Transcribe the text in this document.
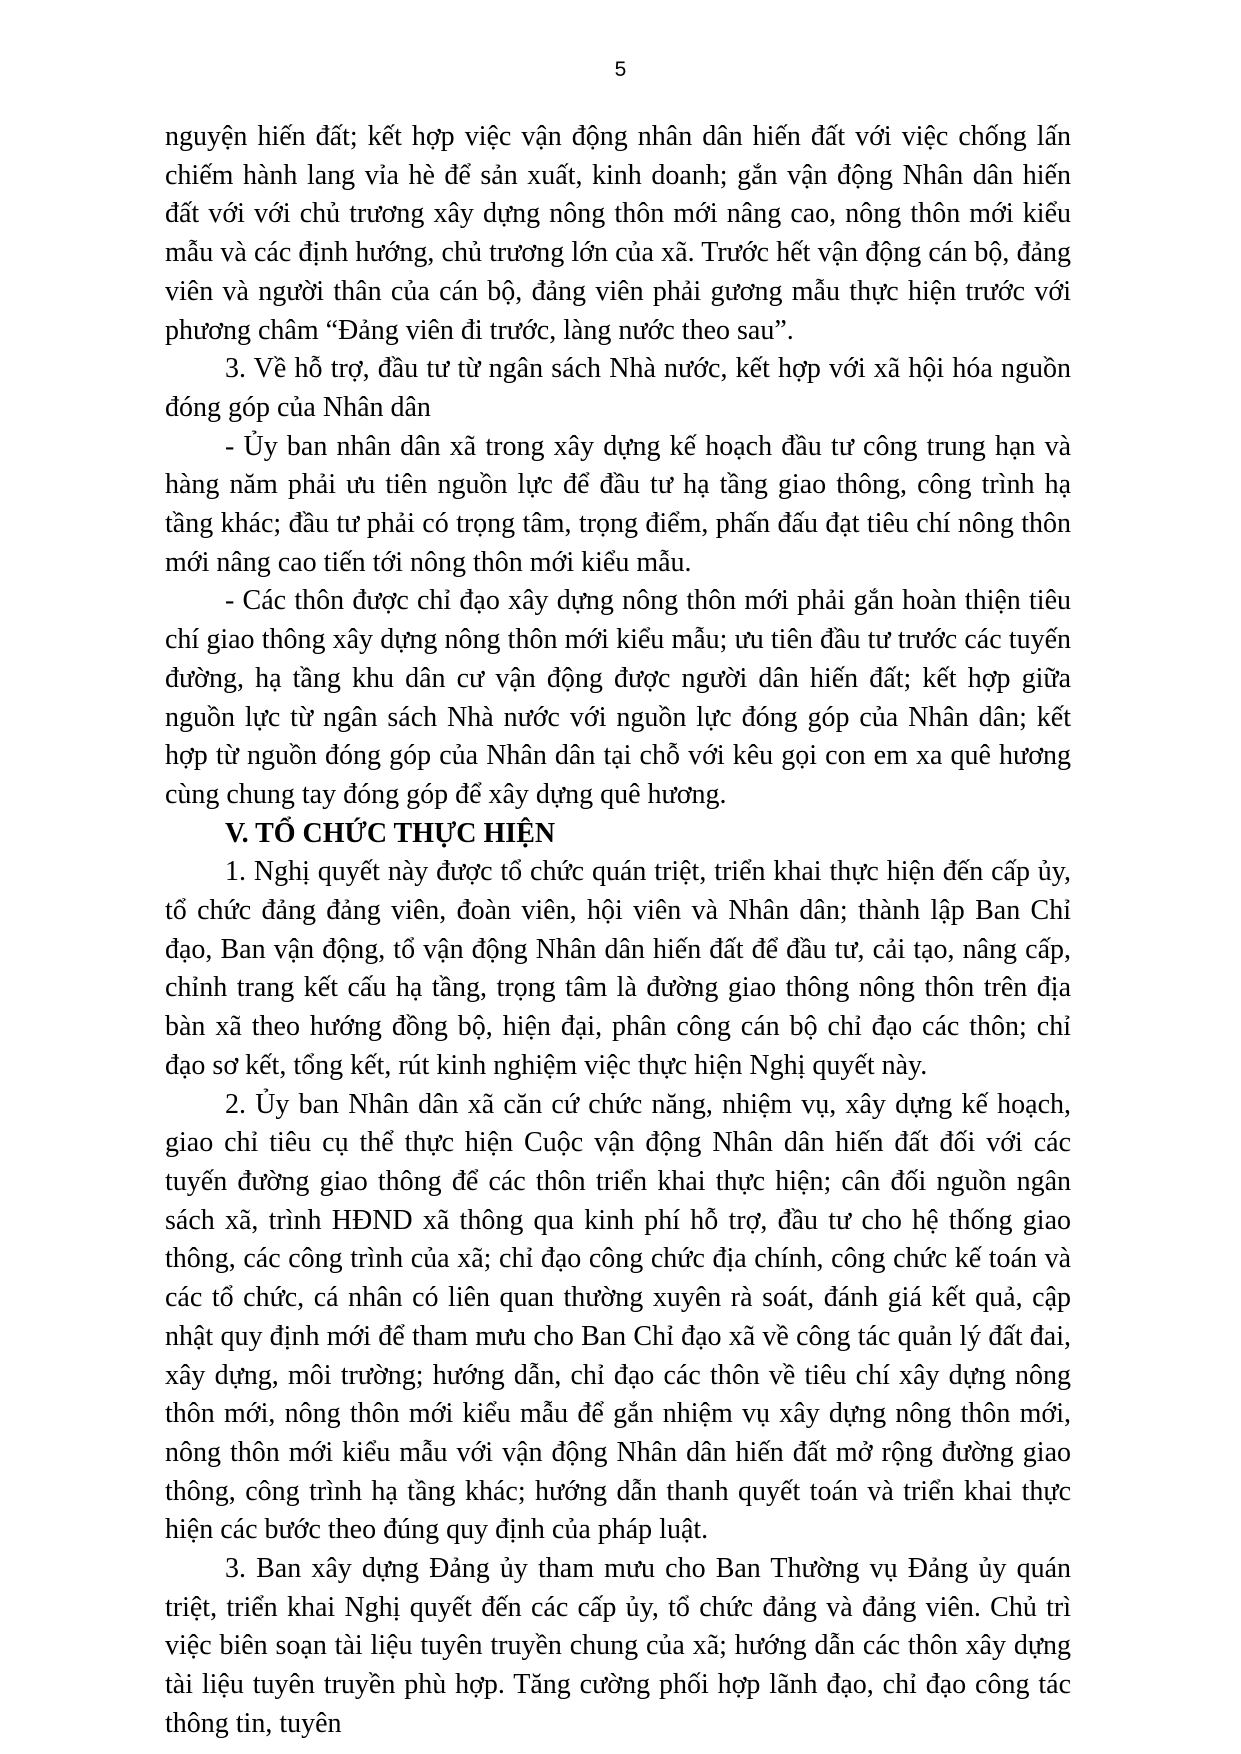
5

nguyện hiến đất; kết hợp việc vận động nhân dân hiến đất với việc chống lấn chiếm hành lang vỉa hè để sản xuất, kinh doanh; gắn vận động Nhân dân hiến đất với với chủ trương xây dựng nông thôn mới nâng cao, nông thôn mới kiểu mẫu và các định hướng, chủ trương lớn của xã. Trước hết vận động cán bộ, đảng viên và người thân của cán bộ, đảng viên phải gương mẫu thực hiện trước với phương châm “Đảng viên đi trước, làng nước theo sau”.

3. Về hỗ trợ, đầu tư từ ngân sách Nhà nước, kết hợp với xã hội hóa nguồn đóng góp của Nhân dân

- Ủy ban nhân dân xã trong xây dựng kế hoạch đầu tư công trung hạn và hàng năm phải ưu tiên nguồn lực để đầu tư hạ tầng giao thông, công trình hạ tầng khác; đầu tư phải có trọng tâm, trọng điểm, phấn đấu đạt tiêu chí nông thôn mới nâng cao tiến tới nông thôn mới kiểu mẫu.

- Các thôn được chỉ đạo xây dựng nông thôn mới phải gắn hoàn thiện tiêu chí giao thông xây dựng nông thôn mới kiểu mẫu; ưu tiên đầu tư trước các tuyến đường, hạ tầng khu dân cư vận động được người dân hiến đất; kết hợp giữa nguồn lực từ ngân sách Nhà nước với nguồn lực đóng góp của Nhân dân; kết hợp từ nguồn đóng góp của Nhân dân tại chỗ với kêu gọi con em xa quê hương cùng chung tay đóng góp để xây dựng quê hương.

V. TỔ CHỨC THỰC HIỆN

1. Nghị quyết này được tổ chức quán triệt, triển khai thực hiện đến cấp ủy, tổ chức đảng đảng viên, đoàn viên, hội viên và Nhân dân; thành lập Ban Chỉ đạo, Ban vận động, tổ vận động Nhân dân hiến đất để đầu tư, cải tạo, nâng cấp, chỉnh trang kết cấu hạ tầng, trọng tâm là đường giao thông nông thôn trên địa bàn xã theo hướng đồng bộ, hiện đại, phân công cán bộ chỉ đạo các thôn; chỉ đạo sơ kết, tổng kết, rút kinh nghiệm việc thực hiện Nghị quyết này.

2. Ủy ban Nhân dân xã căn cứ chức năng, nhiệm vụ, xây dựng kế hoạch, giao chỉ tiêu cụ thể thực hiện Cuộc vận động Nhân dân hiến đất đối với các tuyến đường giao thông để các thôn triển khai thực hiện; cân đối nguồn ngân sách xã, trình HĐND xã thông qua kinh phí hỗ trợ, đầu tư cho hệ thống giao thông, các công trình của xã; chỉ đạo công chức địa chính, công chức kế toán và các tổ chức, cá nhân có liên quan thường xuyên rà soát, đánh giá kết quả, cập nhật quy định mới để tham mưu cho Ban Chỉ đạo xã về công tác quản lý đất đai, xây dựng, môi trường; hướng dẫn, chỉ đạo các thôn về tiêu chí xây dựng nông thôn mới, nông thôn mới kiểu mẫu để gắn nhiệm vụ xây dựng nông thôn mới, nông thôn mới kiểu mẫu với vận động Nhân dân hiến đất mở rộng đường giao thông, công trình hạ tầng khác; hướng dẫn thanh quyết toán và triển khai thực hiện các bước theo đúng quy định của pháp luật.

3. Ban xây dựng Đảng ủy tham mưu cho Ban Thường vụ Đảng ủy quán triệt, triển khai Nghị quyết đến các cấp ủy, tổ chức đảng và đảng viên. Chủ trì việc biên soạn tài liệu tuyên truyền chung của xã; hướng dẫn các thôn xây dựng tài liệu tuyên truyền phù hợp. Tăng cường phối hợp lãnh đạo, chỉ đạo công tác thông tin, tuyên
